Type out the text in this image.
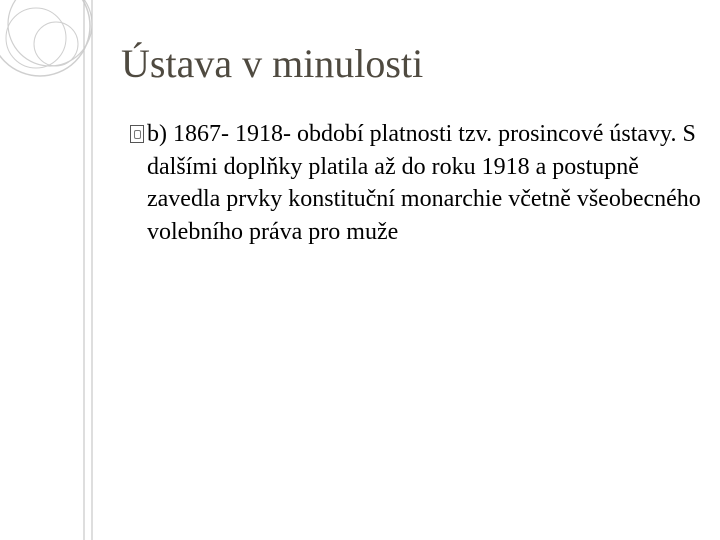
Ústava v minulosti

b) 1867- 1918- období platnosti tzv. prosincové ústavy. S dalšími doplňky platila až do roku 1918 a postupně zavedla prvky konstituční monarchie včetně všeobecného volebního práva pro muže
